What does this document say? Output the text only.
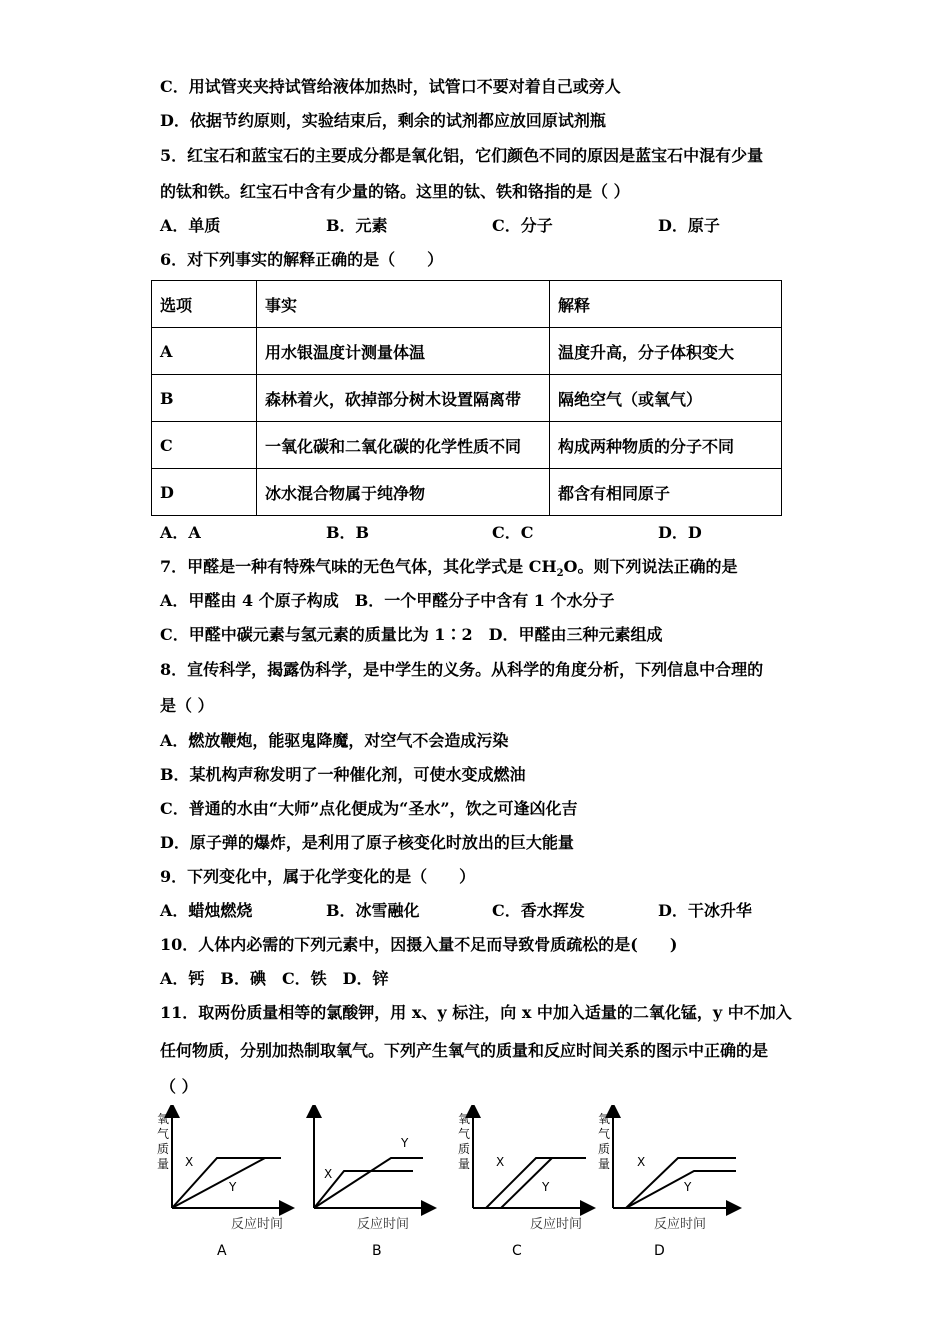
C．用试管夹夹持试管给液体加热时，试管口不要对着自己或旁人
D．依据节约原则，实验结束后，剩余的试剂都应放回原试剂瓶
5．红宝石和蓝宝石的主要成分都是氧化铝，它们颜色不同的原因是蓝宝石中混有少量
的钛和铁。红宝石中含有少量的铬。这里的钛、铁和铬指的是（ ）
A．单质	B．元素	C．分子	D．原子
6．对下列事实的解释正确的是（　　）
选项	事实	解释
A	用水银温度计测量体温	温度升高，分子体积变大
B	森林着火，砍掉部分树木设置隔离带	隔绝空气（或氧气）
C	一氧化碳和二氧化碳的化学性质不同	构成两种物质的分子不同
D	冰水混合物属于纯净物	都含有相同原子
A．A	B．B	C．C	D．D
7．甲醛是一种有特殊气味的无色气体，其化学式是 $CH_2O$。则下列说法正确的是
A．甲醛由 4 个原子构成　B．一个甲醛分子中含有 1 个水分子
C．甲醛中碳元素与氢元素的质量比为 1∶2　D．甲醛由三种元素组成
8．宣传科学，揭露伪科学，是中学生的义务。从科学的角度分析，下列信息中合理的
是（ ）
A．燃放鞭炮，能驱鬼降魔，对空气不会造成污染
B．某机构声称发明了一种催化剂，可使水变成燃油
C．普通的水由“大师”点化便成为“圣水”，饮之可逢凶化吉
D．原子弹的爆炸，是利用了原子核变化时放出的巨大能量
9．下列变化中，属于化学变化的是（　　）
A．蜡烛燃烧	B．冰雪融化	C．香水挥发	D．干冰升华
10．人体内必需的下列元素中，因摄入量不足而导致骨质疏松的是(　　)
A．钙　B．碘　C．铁　D．锌
11．取两份质量相等的氯酸钾，用 x、y 标注，向 x 中加入适量的二氧化锰，y 中不加入
任何物质，分别加热制取氧气。下列产生氧气的质量和反应时间关系的图示中正确的是
（ ）
氧
气
质
量 X
Y
反应时间
A
X
Y
反应时间
B
氧
气
质
量 X
Y
反应时间
C
氧
气
质
量 X
Y
反应时间
D
